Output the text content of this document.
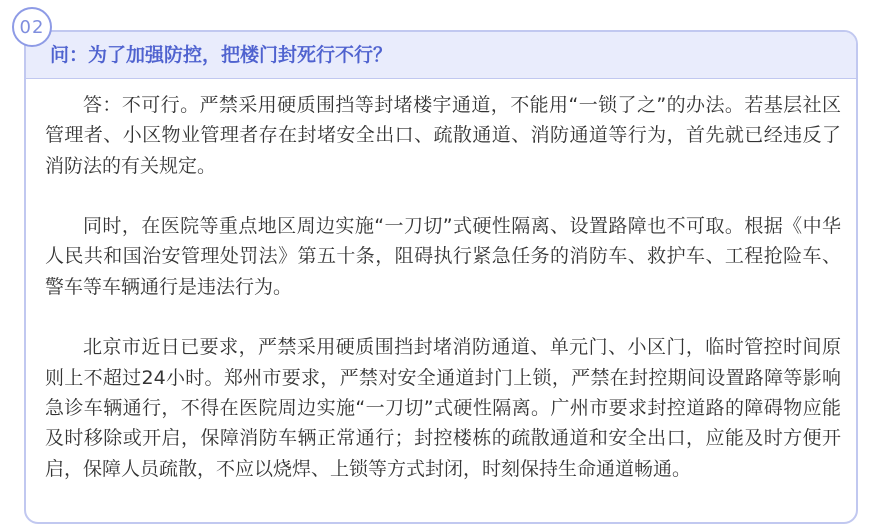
02
问：为了加强防控，把楼门封死行不行？

答：不可行。严禁采用硬质围挡等封堵楼宇通道，不能用“一锁了之”的办法。若基层社区管理者、小区物业管理者存在封堵安全出口、疏散通道、消防通道等行为，首先就已经违反了消防法的有关规定。

同时，在医院等重点地区周边实施“一刀切”式硬性隔离、设置路障也不可取。根据《中华人民共和国治安管理处罚法》第五十条，阻碍执行紧急任务的消防车、救护车、工程抢险车、警车等车辆通行是违法行为。

北京市近日已要求，严禁采用硬质围挡封堵消防通道、单元门、小区门，临时管控时间原则上不超过24小时。郑州市要求，严禁对安全通道封门上锁，严禁在封控期间设置路障等影响急诊车辆通行，不得在医院周边实施“一刀切”式硬性隔离。广州市要求封控道路的障碍物应能及时移除或开启，保障消防车辆正常通行；封控楼栋的疏散通道和安全出口，应能及时方便开启，保障人员疏散，不应以烧焊、上锁等方式封闭，时刻保持生命通道畅通。
